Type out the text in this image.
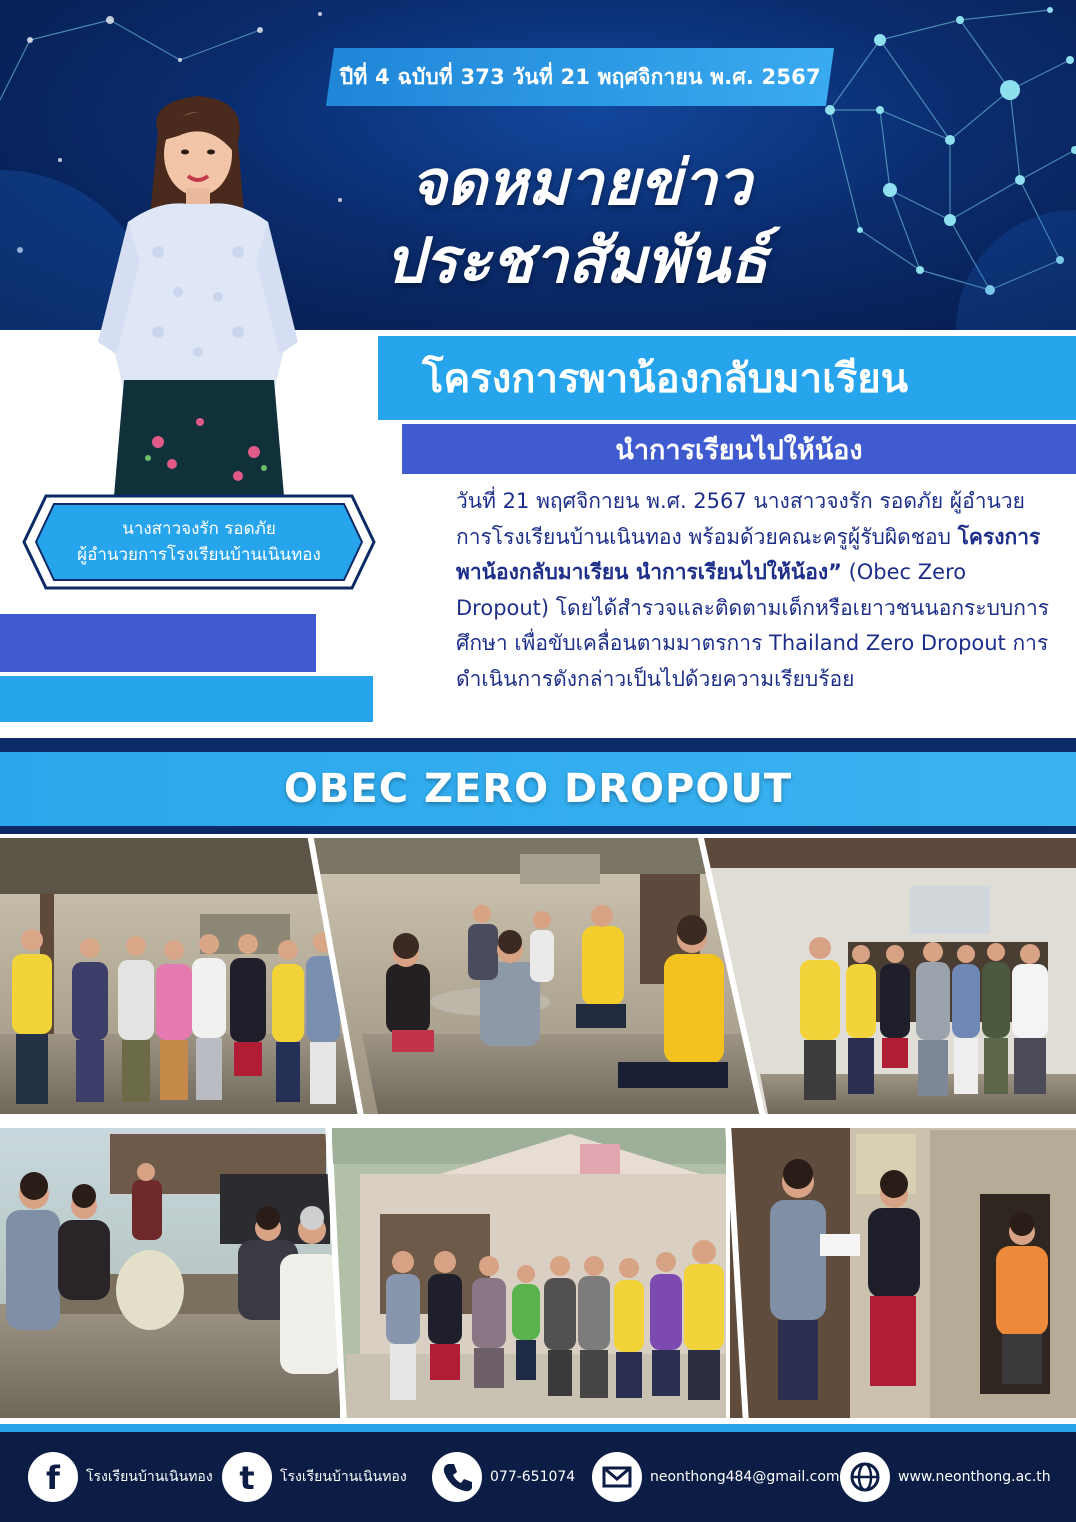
ปีที่ 4 ฉบับที่ 373 วันที่ 21 พฤศจิกายน พ.ศ. 2567
จดหมายข่าว
ประชาสัมพันธ์
โครงการพาน้องกลับมาเรียน
นำการเรียนไปให้น้อง
นางสาวจงรัก รอดภัย
ผู้อำนวยการโรงเรียนบ้านเนินทอง
วันที่ 21 พฤศจิกายน พ.ศ. 2567 นางสาวจงรัก รอดภัย ผู้อำนวยการโรงเรียนบ้านเนินทอง พร้อมด้วยคณะครูผู้รับผิดชอบ โครงการพาน้องกลับมาเรียน นำการเรียนไปให้น้อง” (Obec Zero Dropout) โดยได้สำรวจและติดตามเด็กหรือเยาวชนนอกระบบการศึกษา เพื่อขับเคลื่อนตามมาตรการ Thailand Zero Dropout การดำเนินการดังกล่าวเป็นไปด้วยความเรียบร้อย
OBEC ZERO DROPOUT
f โรงเรียนบ้านเนินทอง t โรงเรียนบ้านเนินทอง	077-651074	neonthong484@gmail.com	www.neonthong.ac.th
